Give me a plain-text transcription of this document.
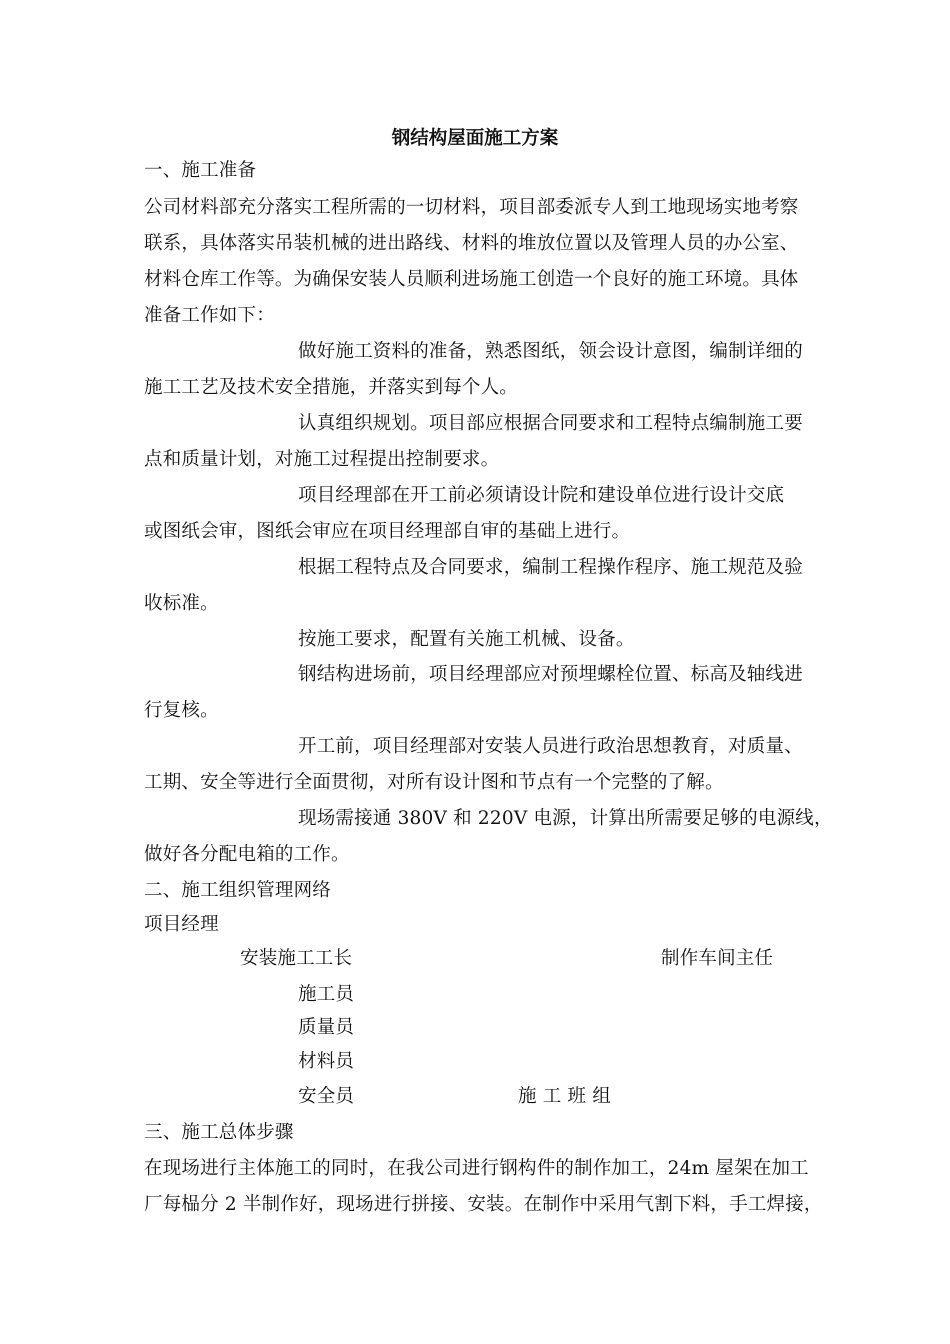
钢结构屋面施工方案
一、施工准备
公司材料部充分落实工程所需的一切材料，项目部委派专人到工地现场实地考察
联系，具体落实吊装机械的进出路线、材料的堆放位置以及管理人员的办公室、
材料仓库工作等。为确保安装人员顺利进场施工创造一个良好的施工环境。具体
准备工作如下：
做好施工资料的准备，熟悉图纸，领会设计意图，编制详细的
施工工艺及技术安全措施，并落实到每个人。
认真组织规划。项目部应根据合同要求和工程特点编制施工要
点和质量计划，对施工过程提出控制要求。
项目经理部在开工前必须请设计院和建设单位进行设计交底
或图纸会审，图纸会审应在项目经理部自审的基础上进行。
根据工程特点及合同要求，编制工程操作程序、施工规范及验
收标准。
按施工要求，配置有关施工机械、设备。
钢结构进场前，项目经理部应对预埋螺栓位置、标高及轴线进
行复核。
开工前，项目经理部对安装人员进行政治思想教育，对质量、
工期、安全等进行全面贯彻，对所有设计图和节点有一个完整的了解。
现场需接通 380V 和 220V 电源，计算出所需要足够的电源线，
做好各分配电箱的工作。
二、施工组织管理网络
项目经理
安装施工工长	制作车间主任
施工员
质量员
材料员
安全员	施 工 班 组
三、施工总体步骤
在现场进行主体施工的同时，在我公司进行钢构件的制作加工，24m 屋架在加工
厂每榀分 2 半制作好，现场进行拼接、安装。在制作中采用气割下料，手工焊接，
